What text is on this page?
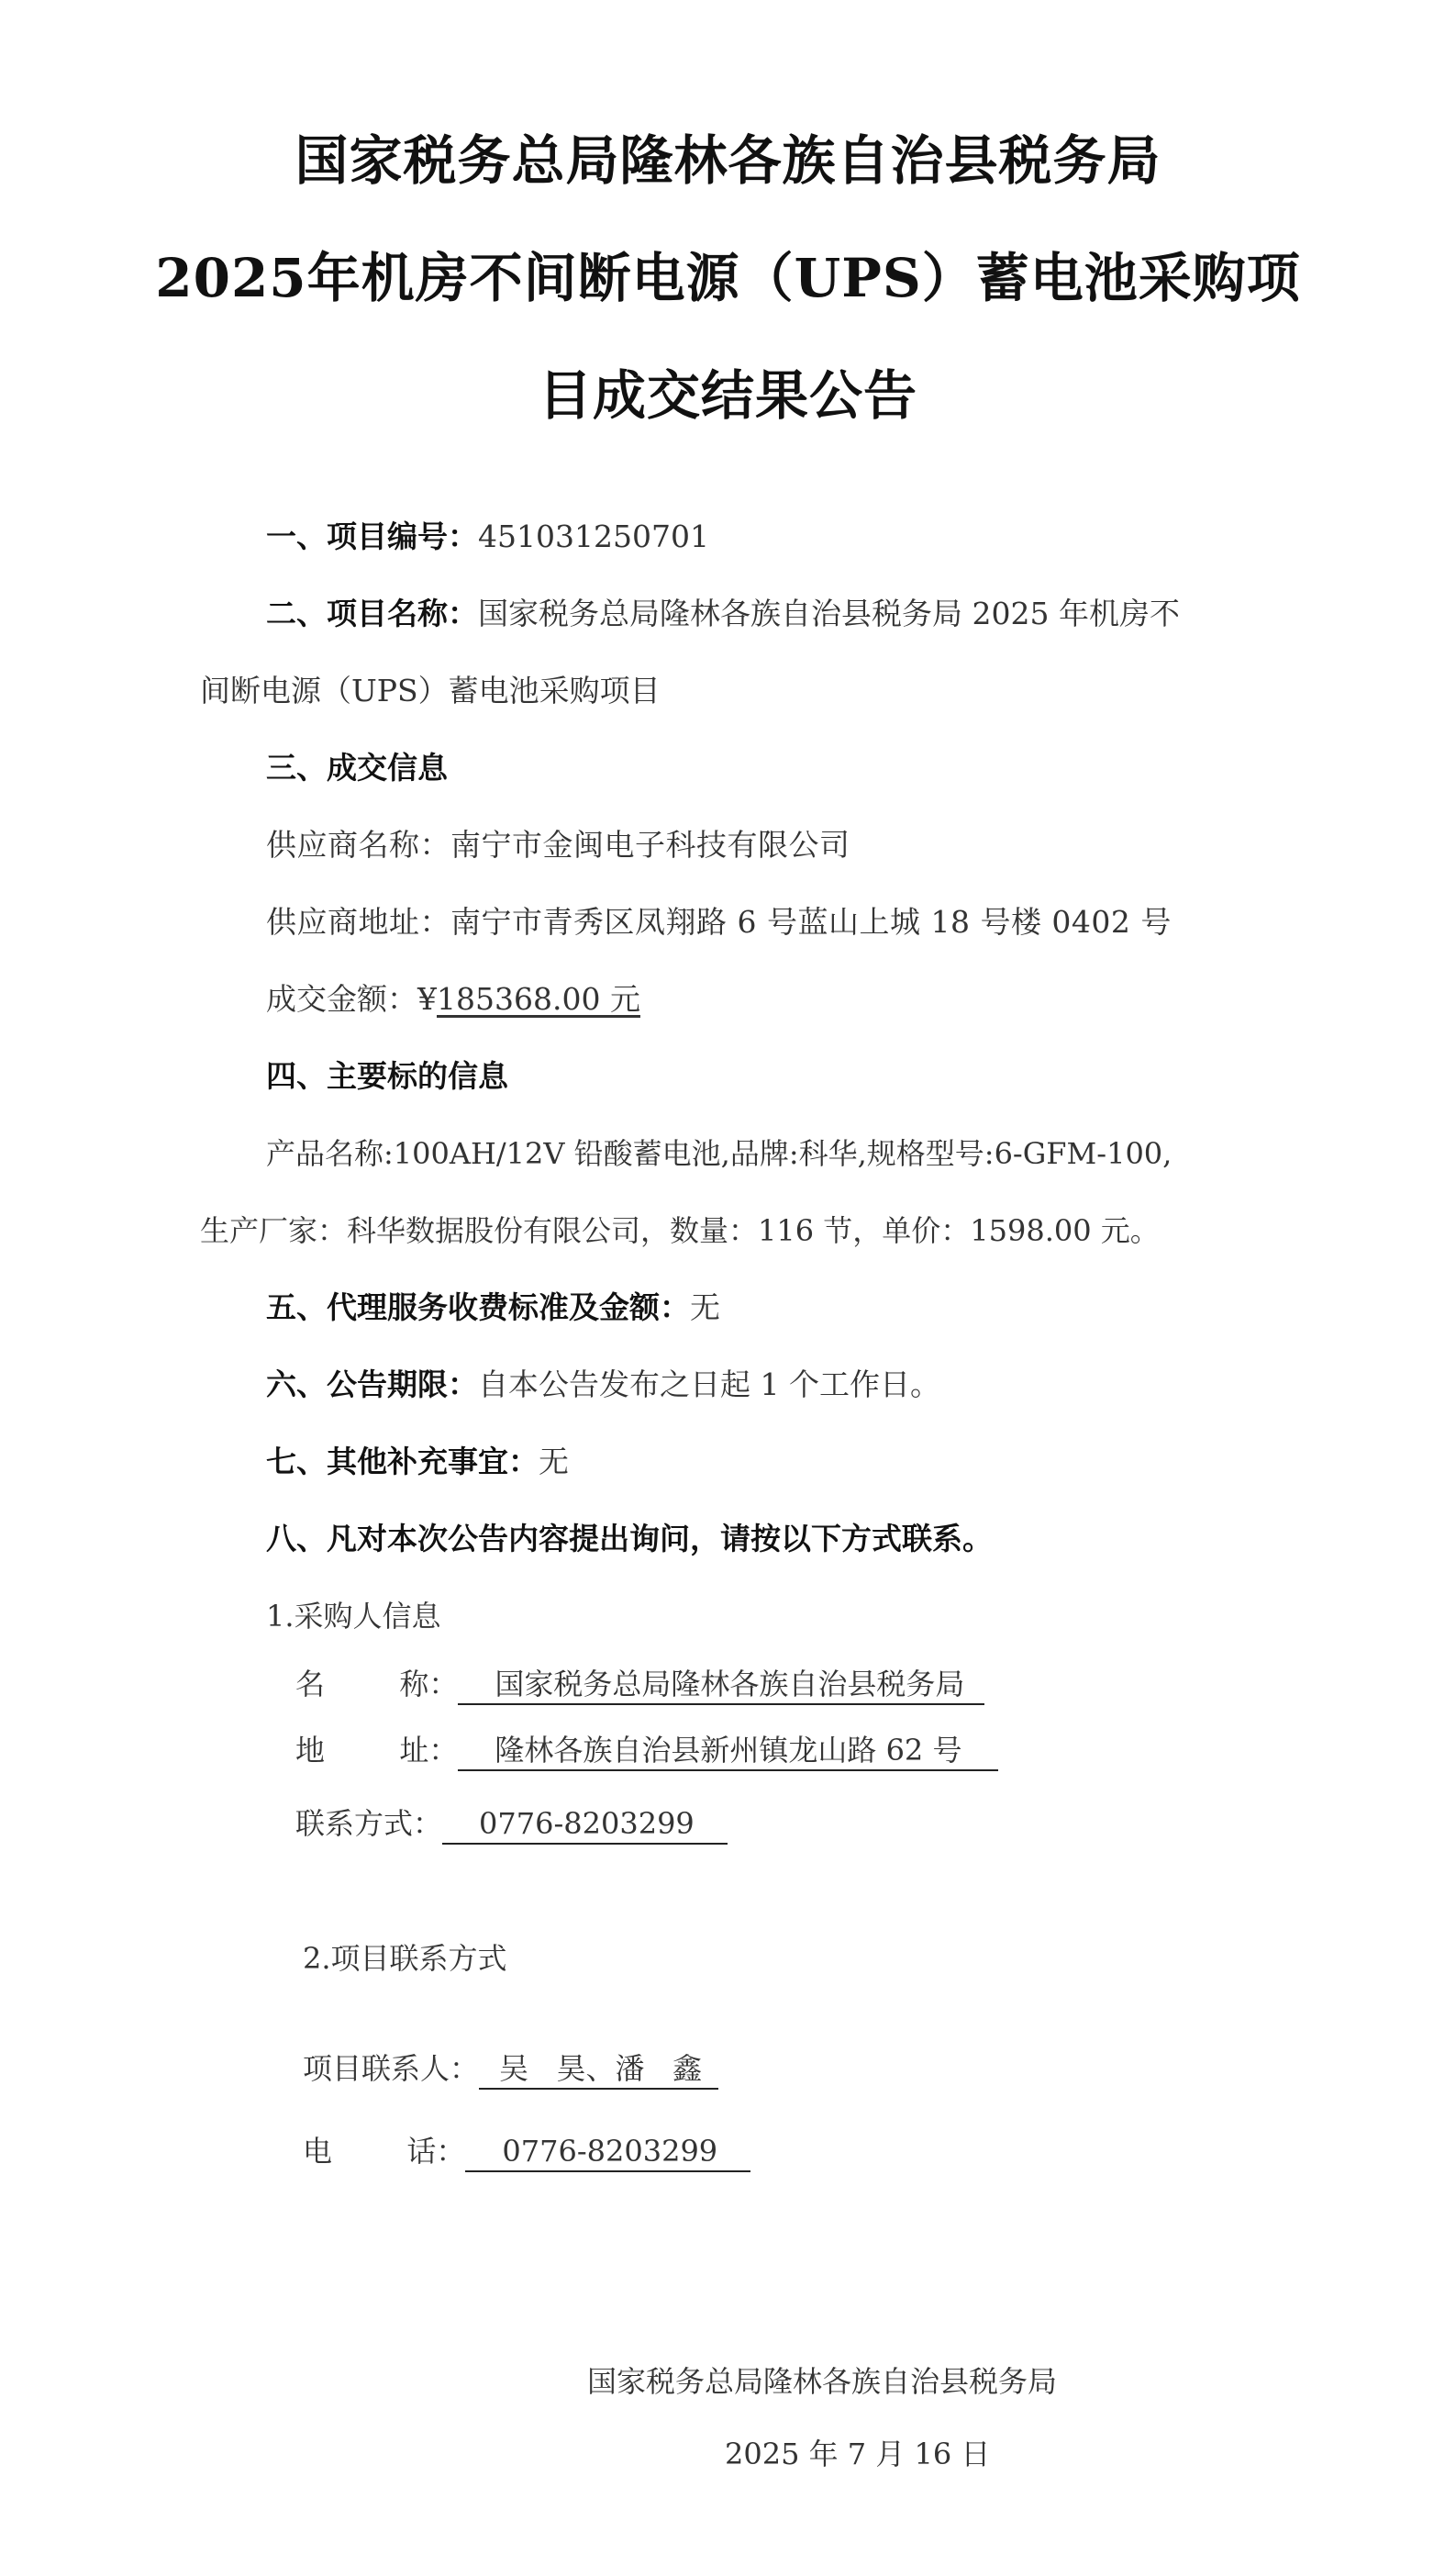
国家税务总局隆林各族自治县税务局
2025年机房不间断电源（UPS）蓄电池采购项
目成交结果公告
一、项目编号：451031250701
二、项目名称：国家税务总局隆林各族自治县税务局 2025 年机房不
间断电源（UPS）蓄电池采购项目
三、成交信息
供应商名称：南宁市金闽电子科技有限公司
供应商地址：南宁市青秀区凤翔路 6 号蓝山上城 18 号楼 0402 号
成交金额：¥185368.00 元
四、主要标的信息
产品名称:100AH/12V 铅酸蓄电池,品牌:科华,规格型号:6-GFM-100,
生产厂家：科华数据股份有限公司，数量：116 节，单价：1598.00 元。
五、代理服务收费标准及金额：无
六、公告期限：自本公告发布之日起 1 个工作日。
七、其他补充事宜：无
八、凡对本次公告内容提出询问，请按以下方式联系。
1.采购人信息
名        称： 国家税务总局隆林各族自治县税务局
地        址： 隆林各族自治县新州镇龙山路 62 号
联系方式： 0776-8203299
2.项目联系方式
项目联系人： 吴   昊、潘   鑫
电        话： 0776-8203299
国家税务总局隆林各族自治县税务局
2025 年 7 月 16 日
